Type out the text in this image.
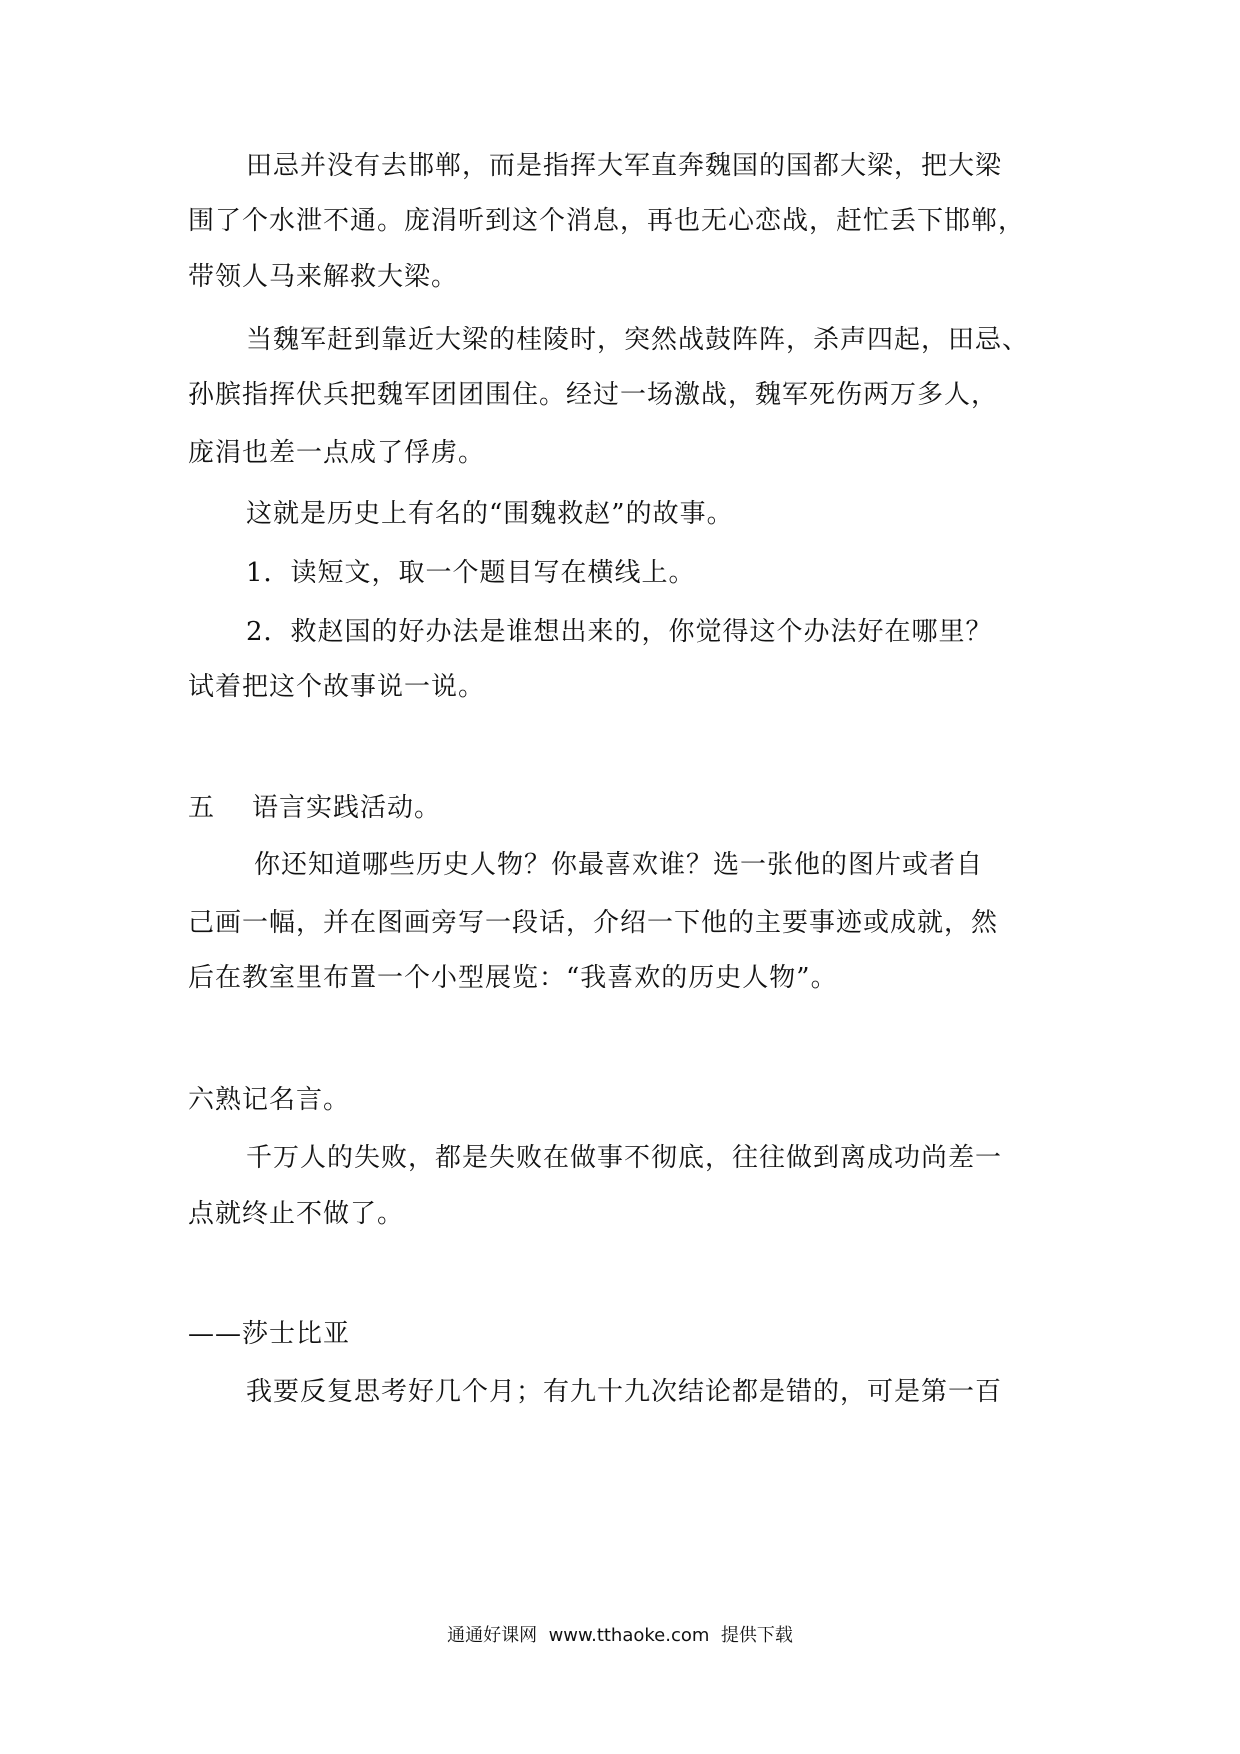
田忌并没有去邯郸，而是指挥大军直奔魏国的国都大梁，把大梁
围了个水泄不通。庞涓听到这个消息，再也无心恋战，赶忙丢下邯郸，
带领人马来解救大梁。
当魏军赶到靠近大梁的桂陵时，突然战鼓阵阵，杀声四起，田忌、
孙膑指挥伏兵把魏军团团围住。经过一场激战，魏军死伤两万多人，
庞涓也差一点成了俘虏。
这就是历史上有名的“围魏救赵”的故事。
1．读短文，取一个题目写在横线上。
2．救赵国的好办法是谁想出来的，你觉得这个办法好在哪里？
试着把这个故事说一说。
五    语言实践活动。
你还知道哪些历史人物？你最喜欢谁？选一张他的图片或者自
己画一幅，并在图画旁写一段话，介绍一下他的主要事迹或成就，然
后在教室里布置一个小型展览：“我喜欢的历史人物”。
六熟记名言。
千万人的失败，都是失败在做事不彻底，往往做到离成功尚差一
点就终止不做了。
——莎士比亚
我要反复思考好几个月；有九十九次结论都是错的，可是第一百
通通好课网  www.tthaoke.com  提供下载
